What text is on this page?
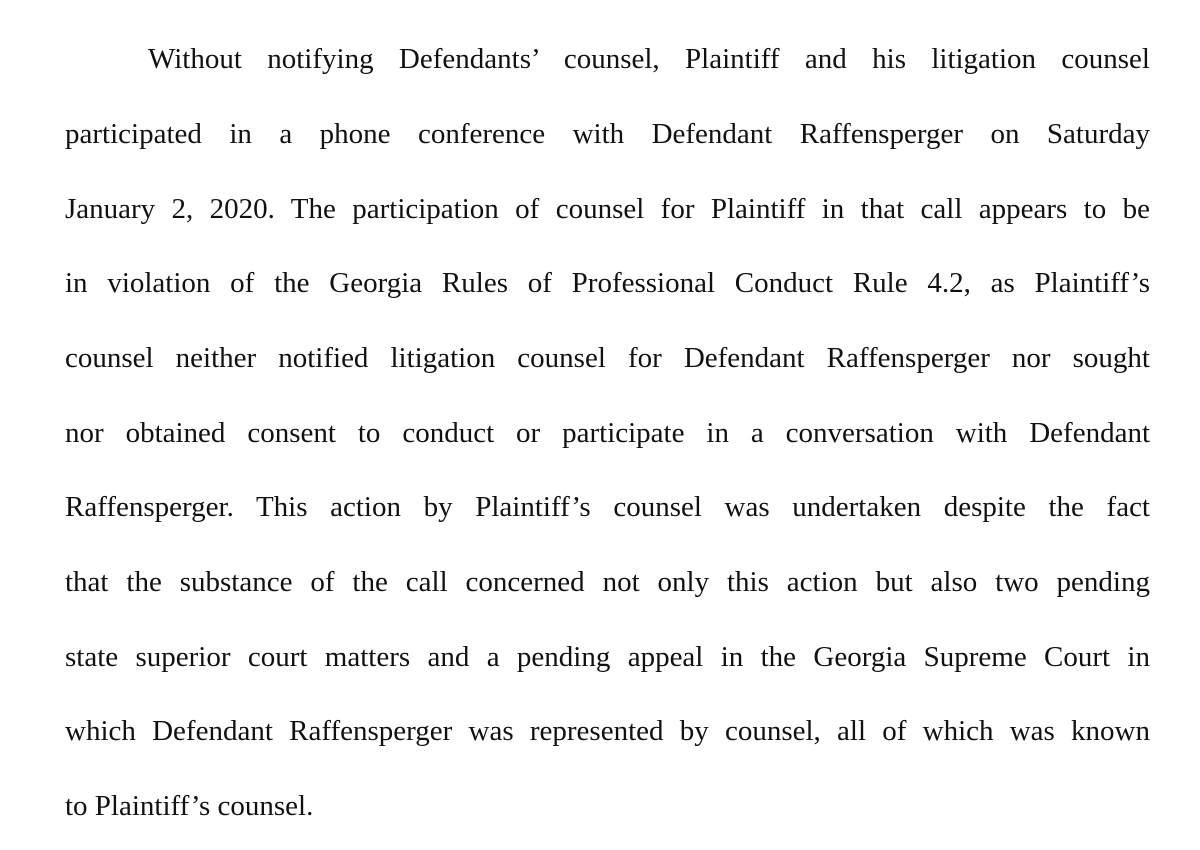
Without notifying Defendants’ counsel, Plaintiff and his litigation counsel
participated in a phone conference with Defendant Raffensperger on Saturday
January 2, 2020. The participation of counsel for Plaintiff in that call appears to be
in violation of the Georgia Rules of Professional Conduct Rule 4.2, as Plaintiff’s
counsel neither notified litigation counsel for Defendant Raffensperger nor sought
nor obtained consent to conduct or participate in a conversation with Defendant
Raffensperger. This action by Plaintiff’s counsel was undertaken despite the fact
that the substance of the call concerned not only this action but also two pending
state superior court matters and a pending appeal in the Georgia Supreme Court in
which Defendant Raffensperger was represented by counsel, all of which was known
to Plaintiff’s counsel.
